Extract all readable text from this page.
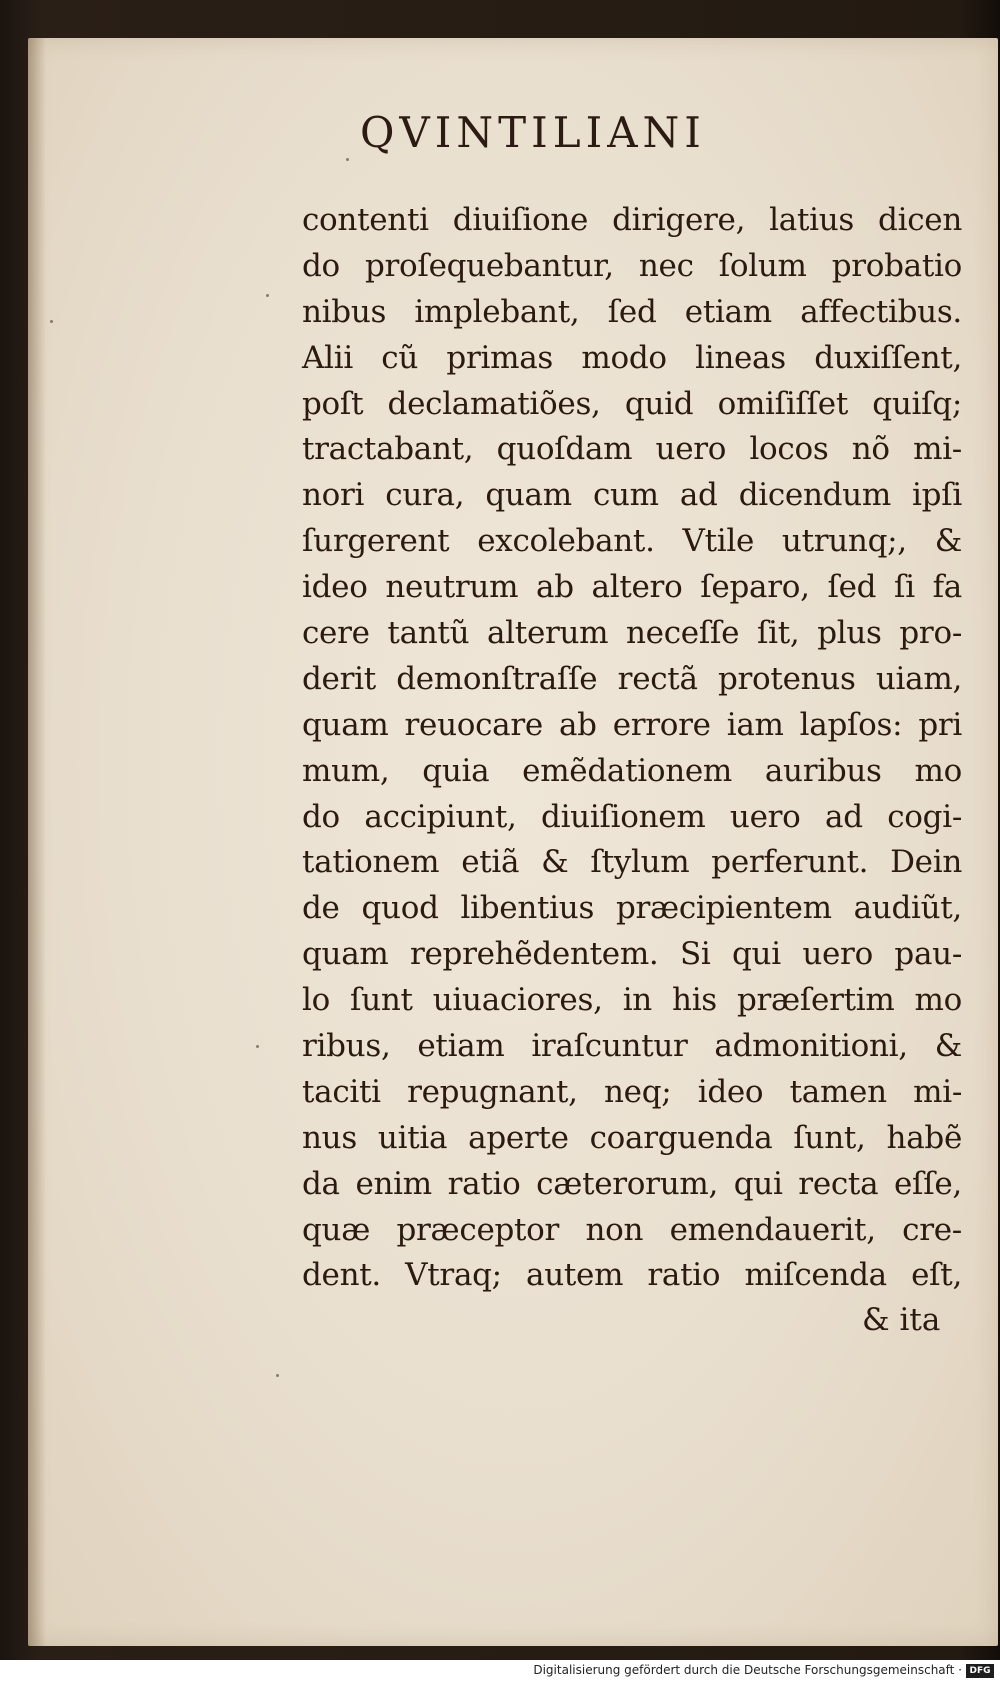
QVINTILIANI
contenti diuiſione dirigere, latius dicen
do proſequebantur, nec ſolum probatio
nibus implebant, ſed etiam affectibus.
Alii cũ primas modo lineas duxiſſent,
poſt declamatiões, quid omiſiſſet quiſq;
tractabant, quoſdam uero locos nõ mi-
nori cura, quam cum ad dicendum ipſi
ſurgerent excolebant. Vtile utrunq;, &
ideo neutrum ab altero ſeparo, ſed ſi fa
cere tantũ alterum neceſſe ſit, plus pro-
derit demonſtraſſe rectã protenus uiam,
quam reuocare ab errore iam lapſos: pri
mum, quia emẽdationem auribus mo
do accipiunt, diuiſionem uero ad cogi-
tationem etiã & ſtylum perferunt. Dein
de quod libentius præcipientem audiũt,
quam reprehẽdentem. Si qui uero pau-
lo ſunt uiuaciores, in his præſertim mo
ribus, etiam iraſcuntur admonitioni, &
taciti repugnant, neq; ideo tamen mi-
nus uitia aperte coarguenda ſunt, habẽ
da enim ratio cæterorum, qui recta eſſe,
quæ præceptor non emendauerit, cre-
dent. Vtraq; autem ratio miſcenda eſt,
& ita
Digitalisierung gefördert durch die Deutsche Forschungsgemeinschaft · DFG
